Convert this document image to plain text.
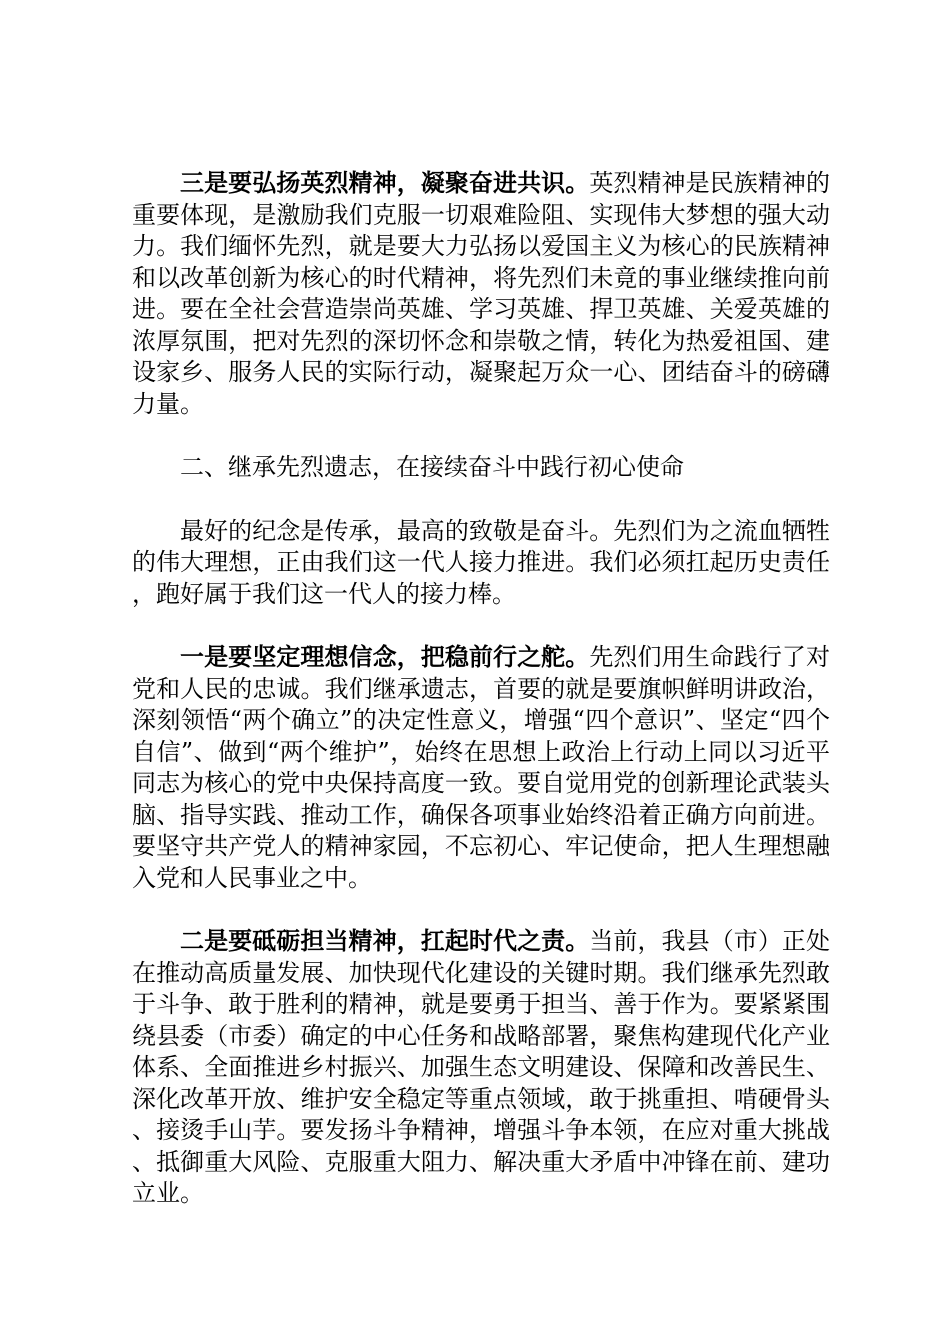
三是要弘扬英烈精神，凝聚奋进共识。英烈精神是民族精神的重要体现，是激励我们克服一切艰难险阻、实现伟大梦想的强大动力。我们缅怀先烈，就是要大力弘扬以爱国主义为核心的民族精神和以改革创新为核心的时代精神，将先烈们未竟的事业继续推向前进。要在全社会营造崇尚英雄、学习英雄、捍卫英雄、关爱英雄的浓厚氛围，把对先烈的深切怀念和崇敬之情，转化为热爱祖国、建设家乡、服务人民的实际行动，凝聚起万众一心、团结奋斗的磅礴力量。

二、继承先烈遗志，在接续奋斗中践行初心使命

最好的纪念是传承，最高的致敬是奋斗。先烈们为之流血牺牲的伟大理想，正由我们这一代人接力推进。我们必须扛起历史责任，跑好属于我们这一代人的接力棒。

一是要坚定理想信念，把稳前行之舵。先烈们用生命践行了对党和人民的忠诚。我们继承遗志，首要的就是要旗帜鲜明讲政治，深刻领悟“两个确立”的决定性意义，增强“四个意识”、坚定“四个自信”、做到“两个维护”，始终在思想上政治上行动上同以习近平同志为核心的党中央保持高度一致。要自觉用党的创新理论武装头脑、指导实践、推动工作，确保各项事业始终沿着正确方向前进。要坚守共产党人的精神家园，不忘初心、牢记使命，把人生理想融入党和人民事业之中。

二是要砥砺担当精神，扛起时代之责。当前，我县（市）正处在推动高质量发展、加快现代化建设的关键时期。我们继承先烈敢于斗争、敢于胜利的精神，就是要勇于担当、善于作为。要紧紧围绕县委（市委）确定的中心任务和战略部署，聚焦构建现代化产业体系、全面推进乡村振兴、加强生态文明建设、保障和改善民生、深化改革开放、维护安全稳定等重点领域，敢于挑重担、啃硬骨头、接烫手山芋。要发扬斗争精神，增强斗争本领，在应对重大挑战、抵御重大风险、克服重大阻力、解决重大矛盾中冲锋在前、建功立业。
